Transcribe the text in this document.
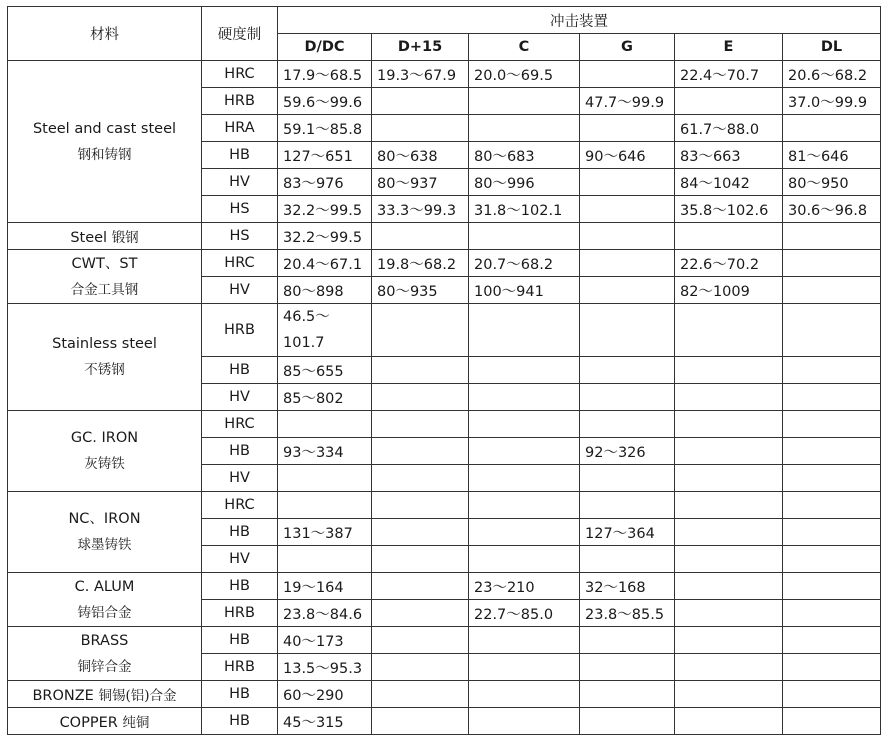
材料	硬度制	冲击装置					
		D/DC	D+15	C	G	E	DL

Steel and cast steel
钢和铸钢	HRC	17.9～68.5	19.3～67.9	20.0～69.5		22.4～70.7	20.6～68.2
	HRB	59.6～99.6			47.7～99.9		37.0～99.9
	HRA	59.1～85.8				61.7～88.0	
	HB	127～651	80～638	80～683	90～646	83～663	81～646
	HV	83～976	80～937	80～996		84～1042	80～950
	HS	32.2～99.5	33.3～99.3	31.8～102.1		35.8～102.6	30.6～96.8
Steel 锻钢	HS	32.2～99.5					

CWT、ST
合金工具钢	HRC	20.4～67.1	19.8～68.2	20.7～68.2		22.6～70.2	
	HV	80～898	80～935	100～941		82～1009	

Stainless steel
不锈钢	HRB	46.5～ 101.7					
	HB	85～655					
	HV	85～802					

GC. IRON
灰铸铁	HRC						
	HB	93～334			92～326		
	HV						

NC、IRON
球墨铸铁	HRC						
	HB	131～387			127～364		
	HV						

C. ALUM
铸铝合金	HB	19～164		23～210	32～168		
	HRB	23.8～84.6		22.7～85.0	23.8～85.5		

BRASS
铜锌合金	HB	40～173					
	HRB	13.5～95.3					
BRONZE 铜锡(铝)合金	HB	60～290					
COPPER 纯铜	HB	45～315					
